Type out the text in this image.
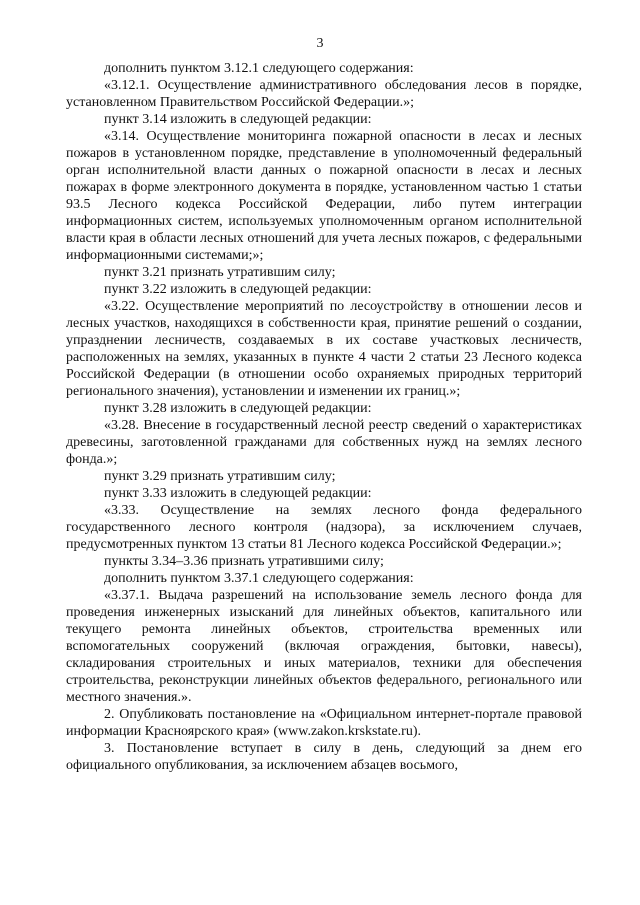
3

дополнить пунктом 3.12.1 следующего содержания:

«3.12.1. Осуществление административного обследования лесов в порядке, установленном Правительством Российской Федерации.»;

пункт 3.14 изложить в следующей редакции:

«3.14. Осуществление мониторинга пожарной опасности в лесах и лесных пожаров в установленном порядке, представление в уполномоченный федеральный орган исполнительной власти данных о пожарной опасности в лесах и лесных пожарах в форме электронного документа в порядке, установленном частью 1 статьи 93.5 Лесного кодекса Российской Федерации, либо путем интеграции информационных систем, используемых уполномоченным органом исполнительной власти края в области лесных отношений для учета лесных пожаров, с федеральными информационными системами;»;

пункт 3.21 признать утратившим силу;

пункт 3.22 изложить в следующей редакции:

«3.22. Осуществление мероприятий по лесоустройству в отношении лесов и лесных участков, находящихся в собственности края, принятие решений о создании, упразднении лесничеств, создаваемых в их составе участковых лесничеств, расположенных на землях, указанных в пункте 4 части 2 статьи 23 Лесного кодекса Российской Федерации (в отношении особо охраняемых природных территорий регионального значения), установлении и изменении их границ.»;

пункт 3.28 изложить в следующей редакции:

«3.28. Внесение в государственный лесной реестр сведений о характеристиках древесины, заготовленной гражданами для собственных нужд на землях лесного фонда.»;

пункт 3.29 признать утратившим силу;

пункт 3.33 изложить в следующей редакции:

«3.33. Осуществление на землях лесного фонда федерального государственного лесного контроля (надзора), за исключением случаев, предусмотренных пунктом 13 статьи 81 Лесного кодекса Российской Федерации.»;

пункты 3.34–3.36 признать утратившими силу;

дополнить пунктом 3.37.1 следующего содержания:

«3.37.1. Выдача разрешений на использование земель лесного фонда для проведения инженерных изысканий для линейных объектов, капитального или текущего ремонта линейных объектов, строительства временных или вспомогательных сооружений (включая ограждения, бытовки, навесы), складирования строительных и иных материалов, техники для обеспечения строительства, реконструкции линейных объектов федерального, регионального или местного значения.».

2. Опубликовать постановление на «Официальном интернет-портале правовой информации Красноярского края» (www.zakon.krskstate.ru).

3. Постановление вступает в силу в день, следующий за днем его официального опубликования, за исключением абзацев восьмого,
